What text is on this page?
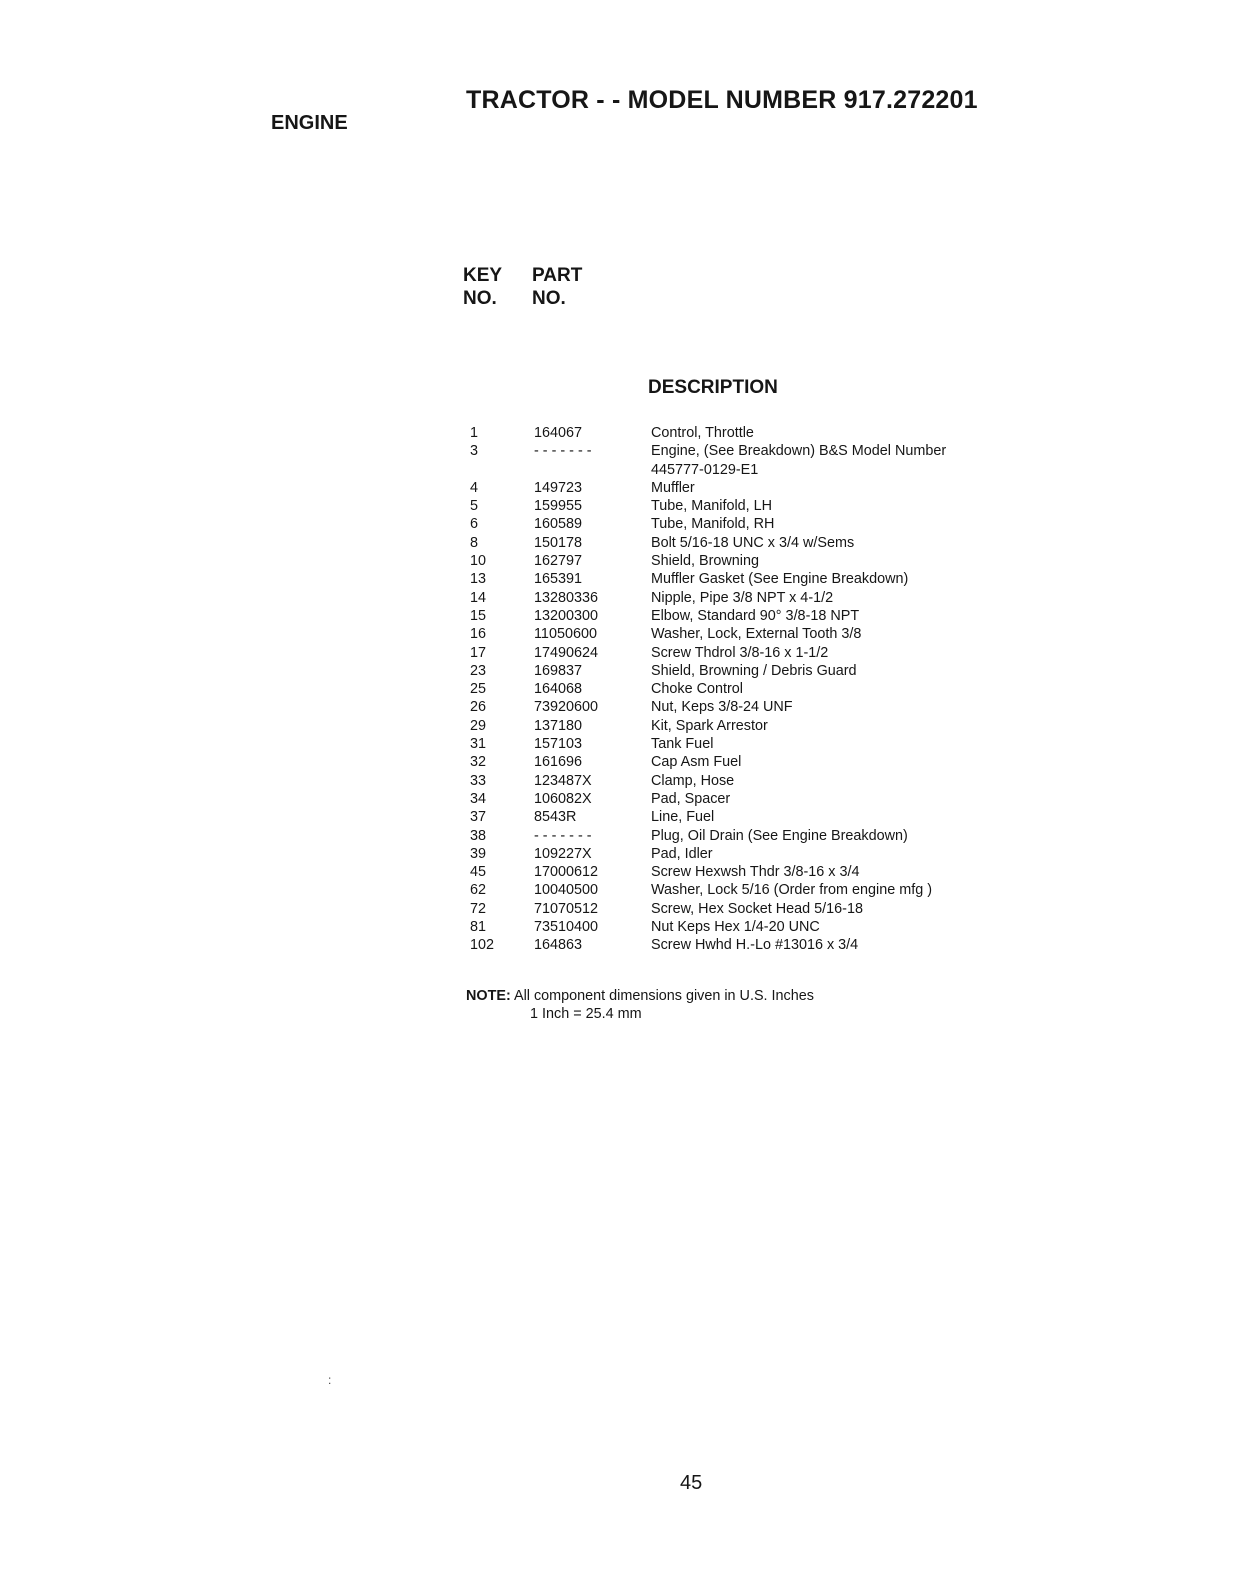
TRACTOR - - MODEL NUMBER 917.272201
ENGINE
KEY
NO.
PART
NO.
DESCRIPTION
1	164067	Control, Throttle
3	- - - - - - -	Engine, (See Breakdown) B&S Model Number
445777-0129-E1
4	149723	Muffler
5	159955	Tube, Manifold, LH
6	160589	Tube, Manifold, RH
8	150178	Bolt 5/16-18 UNC x 3/4 w/Sems
10	162797	Shield, Browning
13	165391	Muffler Gasket (See Engine Breakdown)
14	13280336	Nipple, Pipe 3/8 NPT x 4-1/2
15	13200300	Elbow, Standard 90° 3/8-18 NPT
16	11050600	Washer, Lock, External Tooth 3/8
17	17490624	Screw Thdrol 3/8-16 x 1-1/2
23	169837	Shield, Browning / Debris Guard
25	164068	Choke Control
26	73920600	Nut, Keps 3/8-24 UNF
29	137180	Kit, Spark Arrestor
31	157103	Tank Fuel
32	161696	Cap Asm Fuel
33	123487X	Clamp, Hose
34	106082X	Pad, Spacer
37	8543R	Line, Fuel
38	- - - - - - -	Plug, Oil Drain (See Engine Breakdown)
39	109227X	Pad, Idler
45	17000612	Screw Hexwsh Thdr 3/8-16 x 3/4
62	10040500	Washer, Lock 5/16 (Order from engine mfg )
72	71070512	Screw, Hex Socket Head 5/16-18
81	73510400	Nut Keps Hex 1/4-20 UNC
102	164863	Screw Hwhd H.-Lo #13016 x 3/4
NOTE: All component dimensions given in U.S. Inches
1 Inch = 25.4 mm
:
45
